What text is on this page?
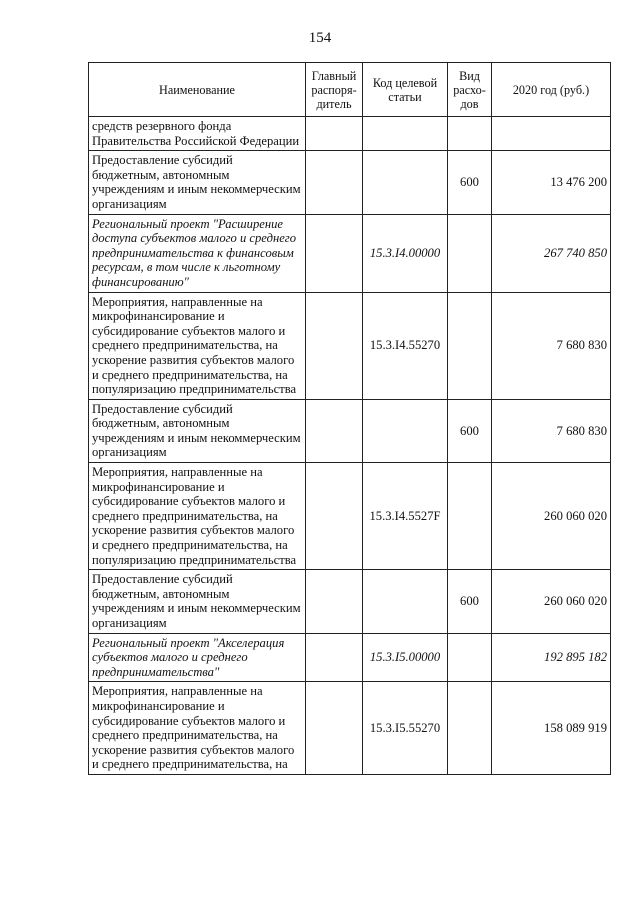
154
Наименование	Главный распоря-дитель	Код целевой статьи	Вид расхо-дов	2020 год (руб.)
средств резервного фонда Правительства Российской Федерации				
Предоставление субсидий бюджетным, автономным учреждениям и иным некоммерческим организациям			600	13 476 200
Региональный проект "Расширение доступа субъектов малого и среднего предпринимательства к финансовым ресурсам, в том числе к льготному финансированию"		15.3.I4.00000		267 740 850
Мероприятия, направленные на микрофинансирование и субсидирование субъектов малого и среднего предпринимательства, на ускорение развития субъектов малого и среднего предпринимательства, на популяризацию предпринимательства		15.3.I4.55270		7 680 830
Предоставление субсидий бюджетным, автономным учреждениям и иным некоммерческим организациям			600	7 680 830
Мероприятия, направленные на микрофинансирование и субсидирование субъектов малого и среднего предпринимательства, на ускорение развития субъектов малого и среднего предпринимательства, на популяризацию предпринимательства		15.3.I4.5527F		260 060 020
Предоставление субсидий бюджетным, автономным учреждениям и иным некоммерческим организациям			600	260 060 020
Региональный проект "Акселерация субъектов малого и среднего предпринимательства"		15.3.I5.00000		192 895 182
Мероприятия, направленные на микрофинансирование и субсидирование субъектов малого и среднего предпринимательства, на ускорение развития субъектов малого и среднего предпринимательства, на		15.3.I5.55270		158 089 919
